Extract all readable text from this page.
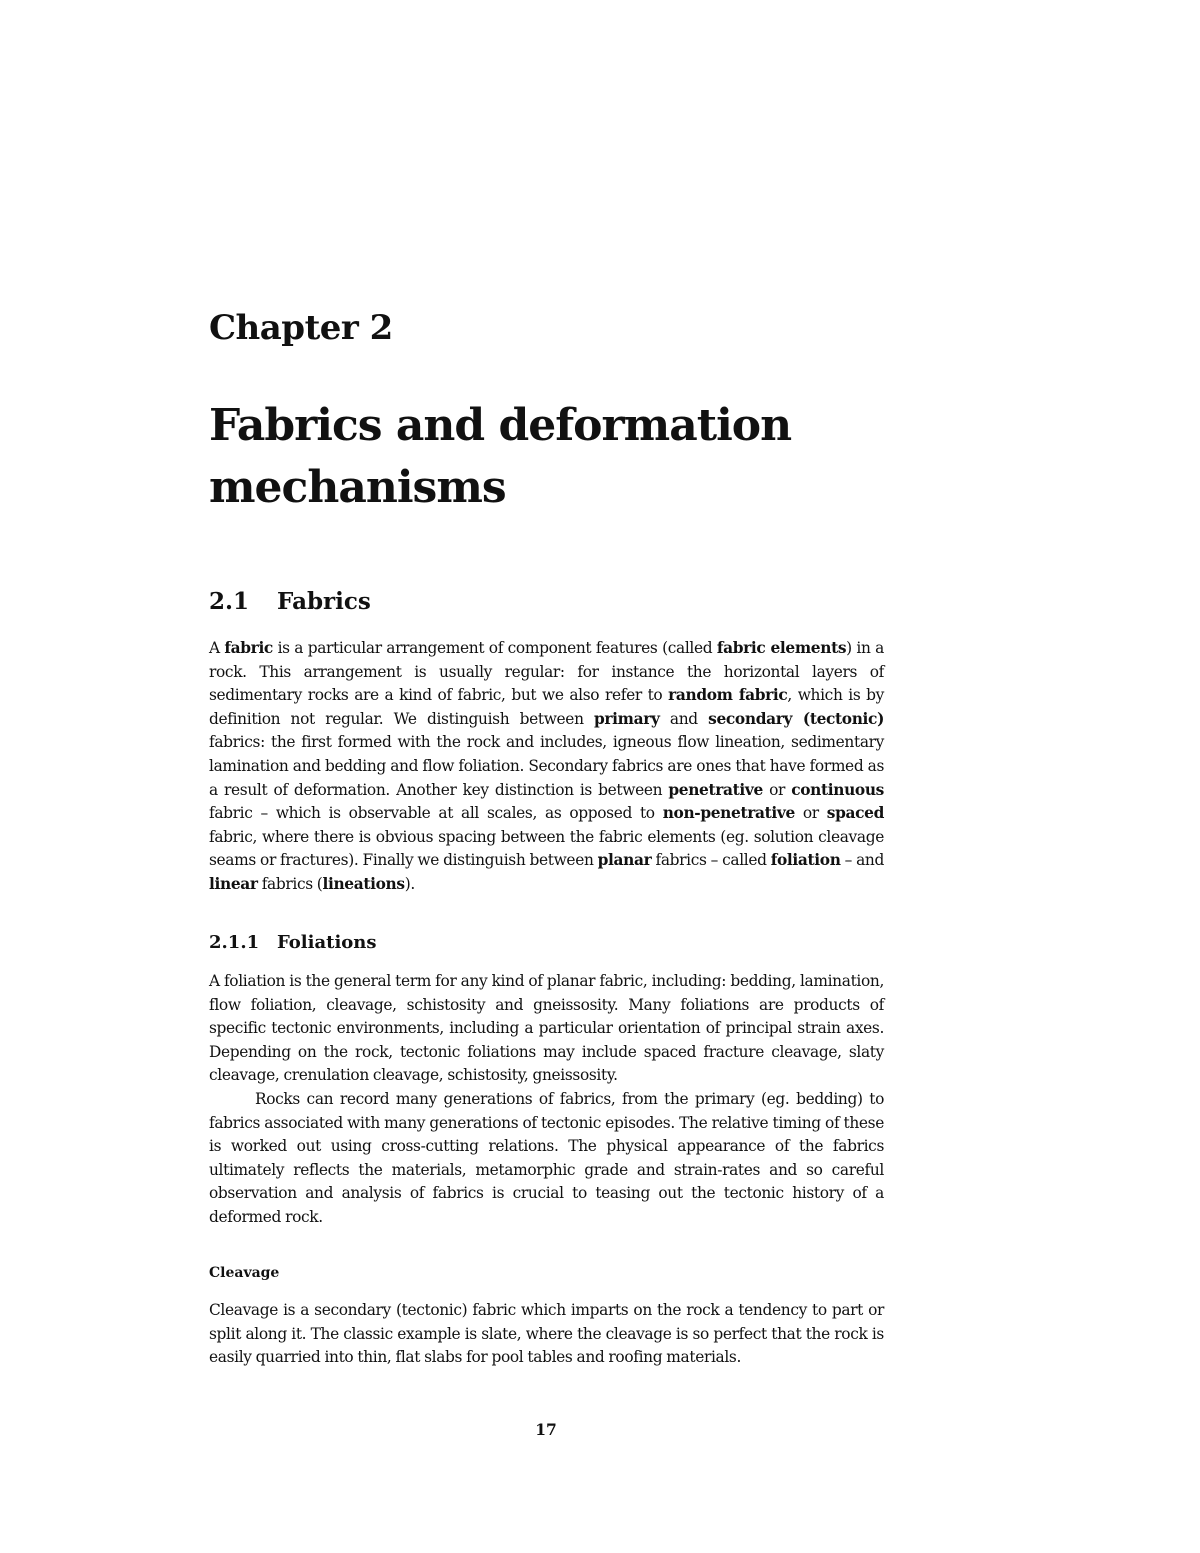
Chapter 2
Fabrics and deformation mechanisms
2.1 Fabrics

A fabric is a particular arrangement of component features (called fabric elements) in a rock. This arrangement is usually regular: for instance the horizontal layers of sedimentary rocks are a kind of fabric, but we also refer to random fabric, which is by definition not regular. We distinguish between primary and secondary (tectonic) fabrics: the first formed with the rock and includes, igneous flow lineation, sedimentary lamination and bedding and flow foliation. Secondary fabrics are ones that have formed as a result of deformation. Another key distinction is between penetrative or continuous fabric – which is observable at all scales, as opposed to non-penetrative or spaced fabric, where there is obvious spacing between the fabric elements (eg. solution cleavage seams or fractures). Finally we distinguish between planar fabrics – called foliation – and linear fabrics (lineations).

2.1.1 Foliations

A foliation is the general term for any kind of planar fabric, including: bedding, lamination, flow foliation, cleavage, schistosity and gneissosity. Many foliations are products of specific tectonic environments, including a particular orientation of principal strain axes. Depending on the rock, tectonic foliations may include spaced fracture cleavage, slaty cleavage, crenulation cleavage, schistosity, gneissosity.

Rocks can record many generations of fabrics, from the primary (eg. bedding) to fabrics associated with many generations of tectonic episodes. The relative timing of these is worked out using cross-cutting relations. The physical appearance of the fabrics ultimately reflects the materials, metamorphic grade and strain-rates and so careful observation and analysis of fabrics is crucial to teasing out the tectonic history of a deformed rock.

Cleavage

Cleavage is a secondary (tectonic) fabric which imparts on the rock a tendency to part or split along it. The classic example is slate, where the cleavage is so perfect that the rock is easily quarried into thin, flat slabs for pool tables and roofing materials.

17
